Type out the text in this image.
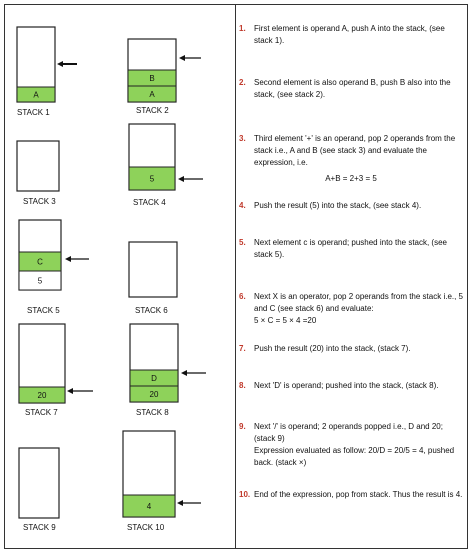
A
STACK 1
A
B
STACK 2
STACK 3
5
STACK 4
5
C
STACK 5	STACK 6
20
STACK 7
20
D
STACK 8
STACK 9
4
STACK 10
1. First element is operand A, push A into the stack, (see stack 1).
2. Second element is also operand B, push B also into the stack, (see stack 2).
3. Third element '+' is an operand, pop 2 operands from the stack i.e., A and B (see stack 3) and evaluate the expression, i.e.
A+B = 2+3 = 5
4. Push the result (5) into the stack, (see stack 4).
5. Next element c is operand; pushed into the stack, (see stack 5).
6. Next X is an operator, pop 2 operands from the stack i.e., 5 and C (see stack 6) and evaluate:
5 × C = 5 × 4 =20
7. Push the result (20) into the stack, (stack 7).
8. Next 'D' is operand; pushed into the stack, (stack 8).
9. Next '/' is operand; 2 operands popped i.e., D and 20; (stack 9)
Expression evaluated as follow: 20/D = 20/5 = 4, pushed back. (stack ×)
10. End of the expression, pop from stack. Thus the result is 4.
